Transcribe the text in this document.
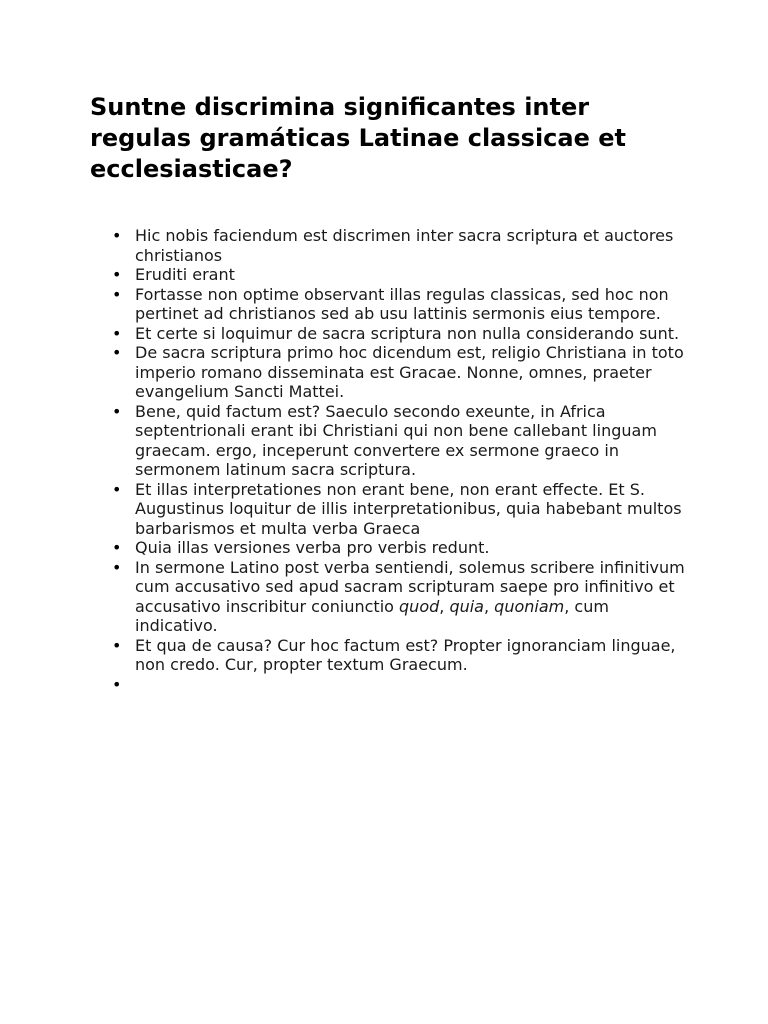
Suntne discrimina significantes inter regulas gramáticas Latinae classicae et ecclesiasticae?
• Hic nobis faciendum est discrimen inter sacra scriptura et auctores christianos
• Eruditi erant
• Fortasse non optime observant illas regulas classicas, sed hoc non pertinet ad christianos sed ab usu lattinis sermonis eius tempore.
• Et certe si loquimur de sacra scriptura non nulla considerando sunt.
• De sacra scriptura primo hoc dicendum est, religio Christiana in toto imperio romano disseminata est Gracae. Nonne, omnes, praeter evangelium Sancti Mattei.
• Bene, quid factum est? Saeculo secondo exeunte, in Africa septentrionali erant ibi Christiani qui non bene callebant linguam graecam. ergo, inceperunt convertere ex sermone graeco in sermonem latinum sacra scriptura.
• Et illas interpretationes non erant bene, non erant effecte. Et S. Augustinus loquitur de illis interpretationibus, quia habebant multos barbarismos et multa verba Graeca
• Quia illas versiones verba pro verbis redunt.
• In sermone Latino post verba sentiendi, solemus scribere infinitivum cum accusativo sed apud sacram scripturam saepe pro infinitivo et accusativo inscribitur coniunctio quod, quia, quoniam, cum indicativo.
• Et qua de causa? Cur hoc factum est? Propter ignoranciam linguae, non credo. Cur, propter textum Graecum.
•
